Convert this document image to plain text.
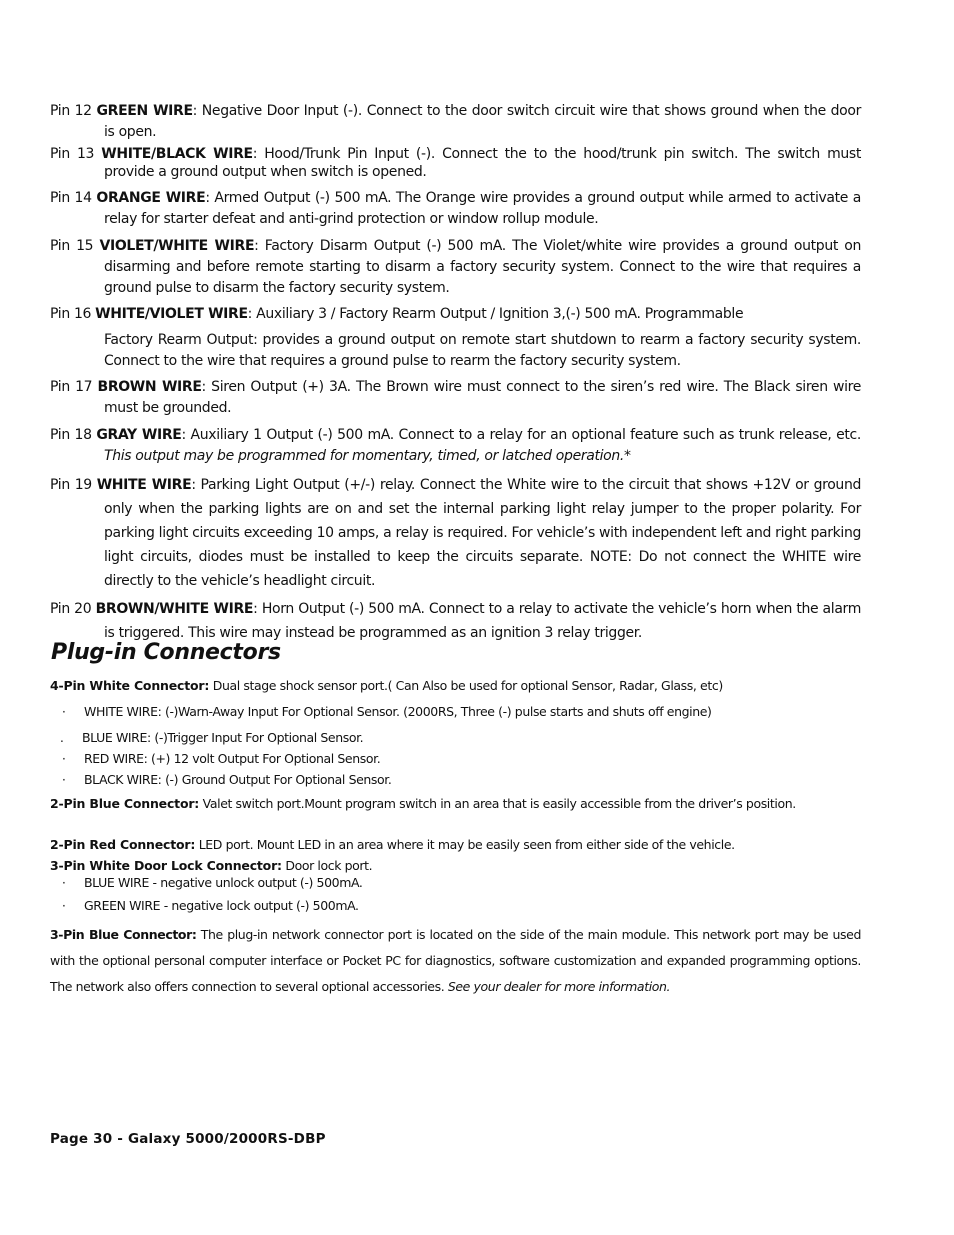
Pin 12 GREEN WIRE: Negative Door Input (-). Connect to the door switch circuit wire that shows ground when the door is open.
Pin 13 WHITE/BLACK WIRE: Hood/Trunk Pin Input (-). Connect the to the hood/trunk pin switch. The switch must provide a ground output when switch is opened.
Pin 14 ORANGE WIRE: Armed Output (-) 500 mA. The Orange wire provides a ground output while armed to activate a relay for starter defeat and anti-grind protection or window rollup module.
Pin 15 VIOLET/WHITE WIRE: Factory Disarm Output (-) 500 mA. The Violet/white wire provides a ground output on disarming and before remote starting to disarm a factory security system. Connect to the wire that requires a ground pulse to disarm the factory security system.
Pin 16 WHITE/VIOLET WIRE: Auxiliary 3 / Factory Rearm Output / Ignition 3,(-) 500 mA. Programmable
Factory Rearm Output: provides a ground output on remote start shutdown to rearm a factory security system. Connect to the wire that requires a ground pulse to rearm the factory security system.
Pin 17 BROWN WIRE: Siren Output (+) 3A. The Brown wire must connect to the siren’s red wire. The Black siren wire must be grounded.
Pin 18 GRAY WIRE: Auxiliary 1 Output (-) 500 mA. Connect to a relay for an optional feature such as trunk release, etc. This output may be programmed for momentary, timed, or latched operation.*
Pin 19 WHITE WIRE: Parking Light Output (+/-) relay. Connect the White wire to the circuit that shows +12V or ground only when the parking lights are on and set the internal parking light relay jumper to the proper polarity. For parking light circuits exceeding 10 amps, a relay is required. For vehicle’s with independent left and right parking light circuits, diodes must be installed to keep the circuits separate. NOTE: Do not connect the WHITE wire directly to the vehicle’s headlight circuit.
Pin 20 BROWN/WHITE WIRE: Horn Output (-) 500 mA. Connect to a relay to activate the vehicle’s horn when the alarm is triggered. This wire may instead be programmed as an ignition 3 relay trigger.
Plug-in Connectors
4-Pin White Connector: Dual stage shock sensor port.( Can Also be used for optional Sensor, Radar, Glass, etc)
· WHITE WIRE: (-)Warn-Away Input For Optional Sensor. (2000RS, Three (-) pulse starts and shuts off engine)
. BLUE WIRE: (-)Trigger Input For Optional Sensor.
· RED WIRE: (+) 12 volt Output For Optional Sensor.
· BLACK WIRE: (-) Ground Output For Optional Sensor.
2-Pin Blue Connector: Valet switch port.Mount program switch in an area that is easily accessible from the driver’s position.
2-Pin Red Connector: LED port. Mount LED in an area where it may be easily seen from either side of the vehicle.
3-Pin White Door Lock Connector: Door lock port.
· BLUE WIRE - negative unlock output (-) 500mA.
· GREEN WIRE - negative lock output (-) 500mA.
3-Pin Blue Connector: The plug-in network connector port is located on the side of the main module. This network port may be used with the optional personal computer interface or Pocket PC for diagnostics, software customization and expanded programming options. The network also offers connection to several optional accessories. See your dealer for more information.
Page 30 - Galaxy 5000/2000RS-DBP
